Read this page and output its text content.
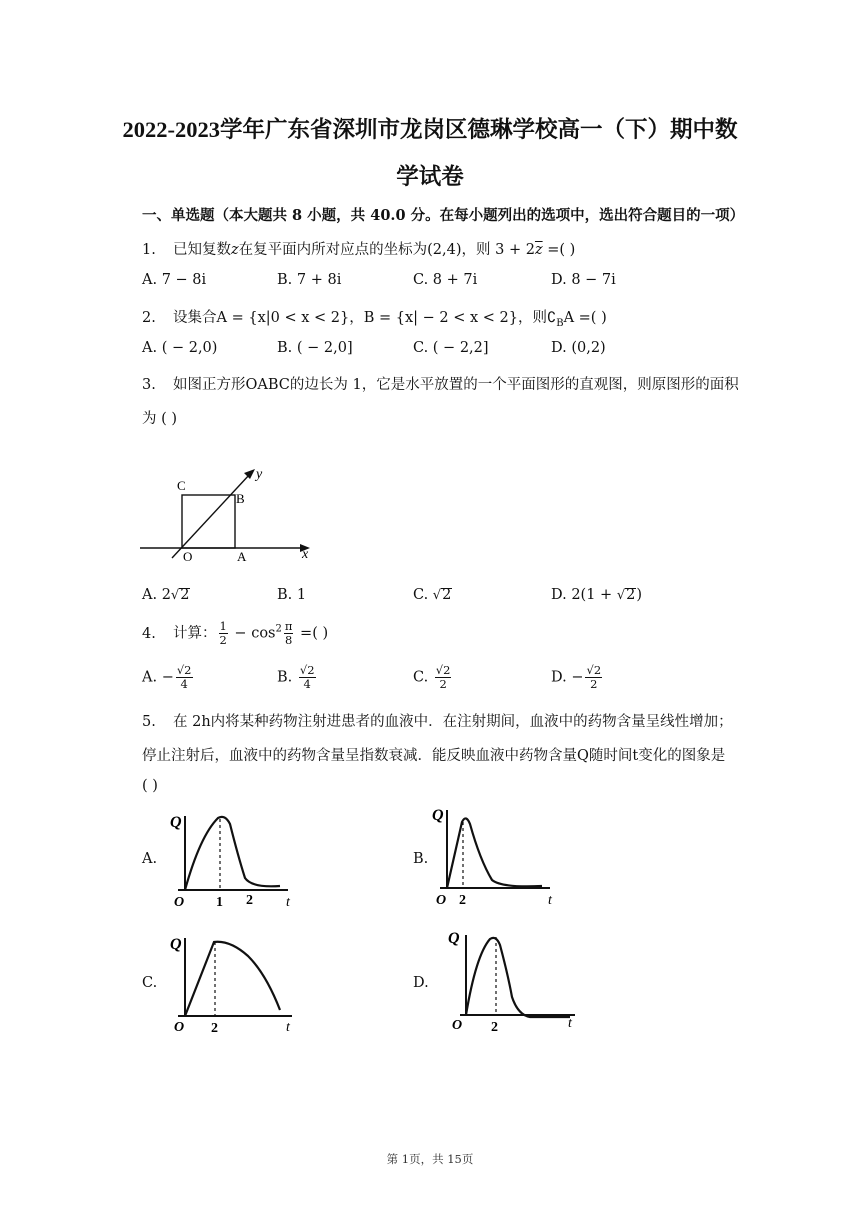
2022-2023学年广东省深圳市龙岗区德琳学校高一（下）期中数
学试卷
一、单选题（本大题共 8 小题，共 40.0 分。在每小题列出的选项中，选出符合题目的一项）
1. 已知复数z在复平面内所对应点的坐标为(2,4)，则 $3 + 2\overline{z}$ =( )
A. 7 − 8i	B. 7 + 8i	C. 8 + 7i	D. 8 − 7i
2. 设集合A = {x|0 < x < 2}，B = {x| − 2 < x < 2}，则$∁_BA$ =( )
A. ( − 2,0)	B. ( − 2,0]	C. ( − 2,2]	D. (0,2)
3. 如图正方形OABC的边长为 1，它是水平放置的一个平面图形的直观图，则原图形的面积
为 ( )
C
B
O	A	x
y
A. 2√2	B. 1	C. √2	D. 2(1 + √2)
4. 计算： $\frac{1}{2} - \cos^2 \frac{\pi}{8}$ =( )
A. − $\frac{√2}{4}$	B. $\frac{√2}{4}$	C. $\frac{√2}{2}$	D. − $\frac{√2}{2}$
5. 在 2h内将某种药物注射进患者的血液中．在注射期间，血液中的药物含量呈线性增加；
停止注射后，血液中的药物含量呈指数衰减．能反映血液中药物含量Q随时间t变化的图象是
( )
A.	B.
C.	D.
Q
O 1 2 t
Q
O 2	t
Q
O 2	t
Q
O 2	t
第 1页，共 15页
